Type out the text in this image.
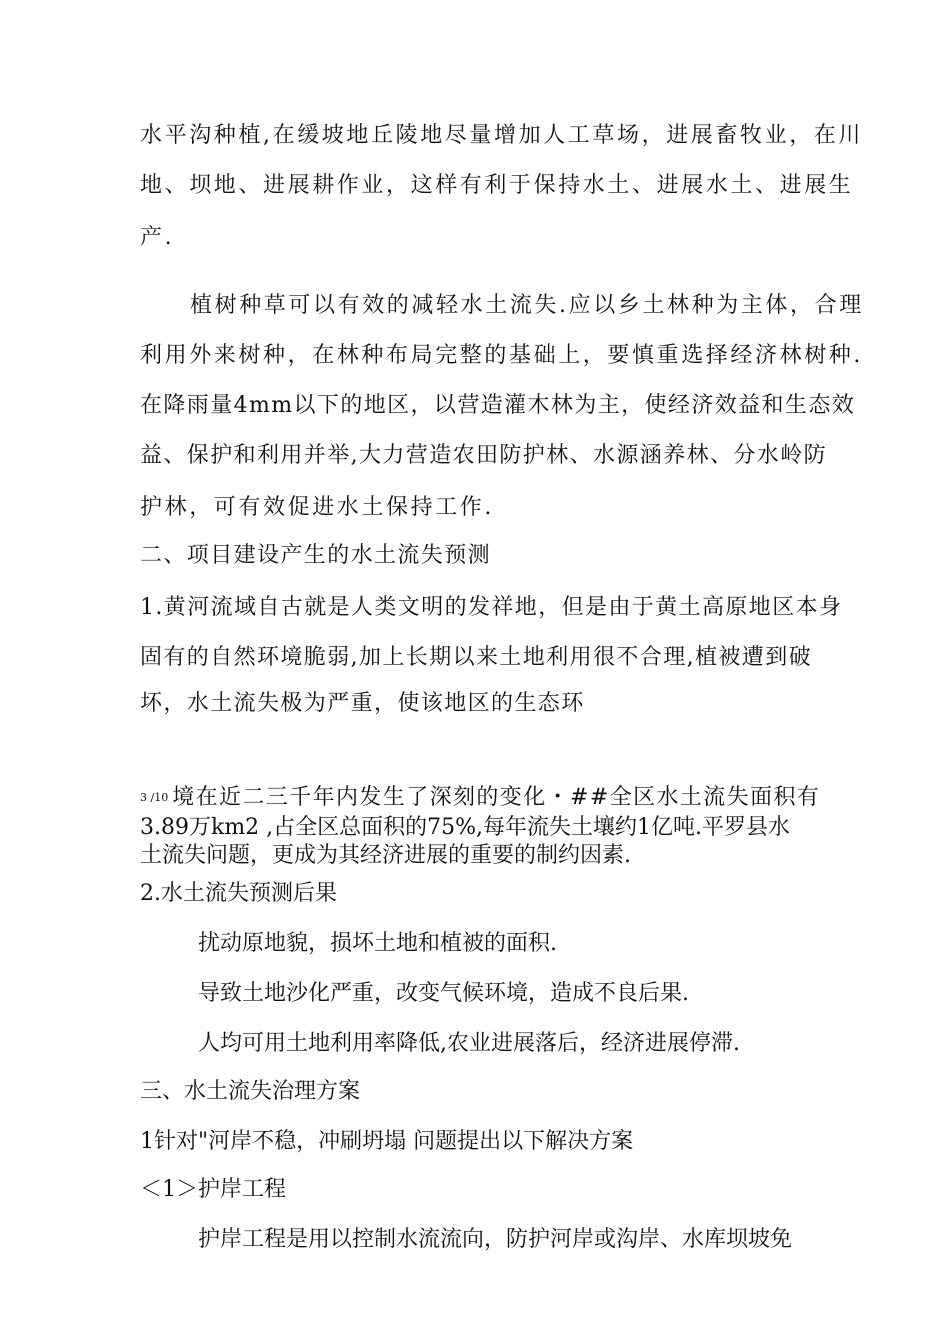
水平沟种植,在缓坡地丘陵地尽量增加人工草场，进展畜牧业，在川
地、坝地、进展耕作业，这样有利于保持水土、进展水土、进展生
产.
植树种草可以有效的减轻水土流失.应以乡土林种为主体，合理
利用外来树种，在林种布局完整的基础上，要慎重选择经济林树种.
在降雨量4mm以下的地区，以营造灌木林为主，使经济效益和生态效
益、保护和利用并举,大力营造农田防护林、水源涵养林、分水岭防
护林，可有效促进水土保持工作.
二、项目建设产生的水土流失预测
1.黄河流域自古就是人类文明的发祥地，但是由于黄土高原地区本身
固有的自然环境脆弱,加上长期以来土地利用很不合理,植被遭到破
坏，水土流失极为严重，使该地区的生态环
3 /10 境在近二三千年内发生了深刻的变化・##全区水土流失面积有
3.89万km2 ,占全区总面积的75%,每年流失土壤约1亿吨.平罗县水
土流失问题，更成为其经济进展的重要的制约因素.
2.水土流失预测后果
扰动原地貌，损坏土地和植被的面积.
导致土地沙化严重，改变气候环境，造成不良后果.
人均可用土地利用率降低,农业进展落后，经济进展停滞.
三、水土流失治理方案
1针对"河岸不稳，冲刷坍塌 问题提出以下解决方案
＜1＞护岸工程
护岸工程是用以控制水流流向，防护河岸或沟岸、水库坝坡免
